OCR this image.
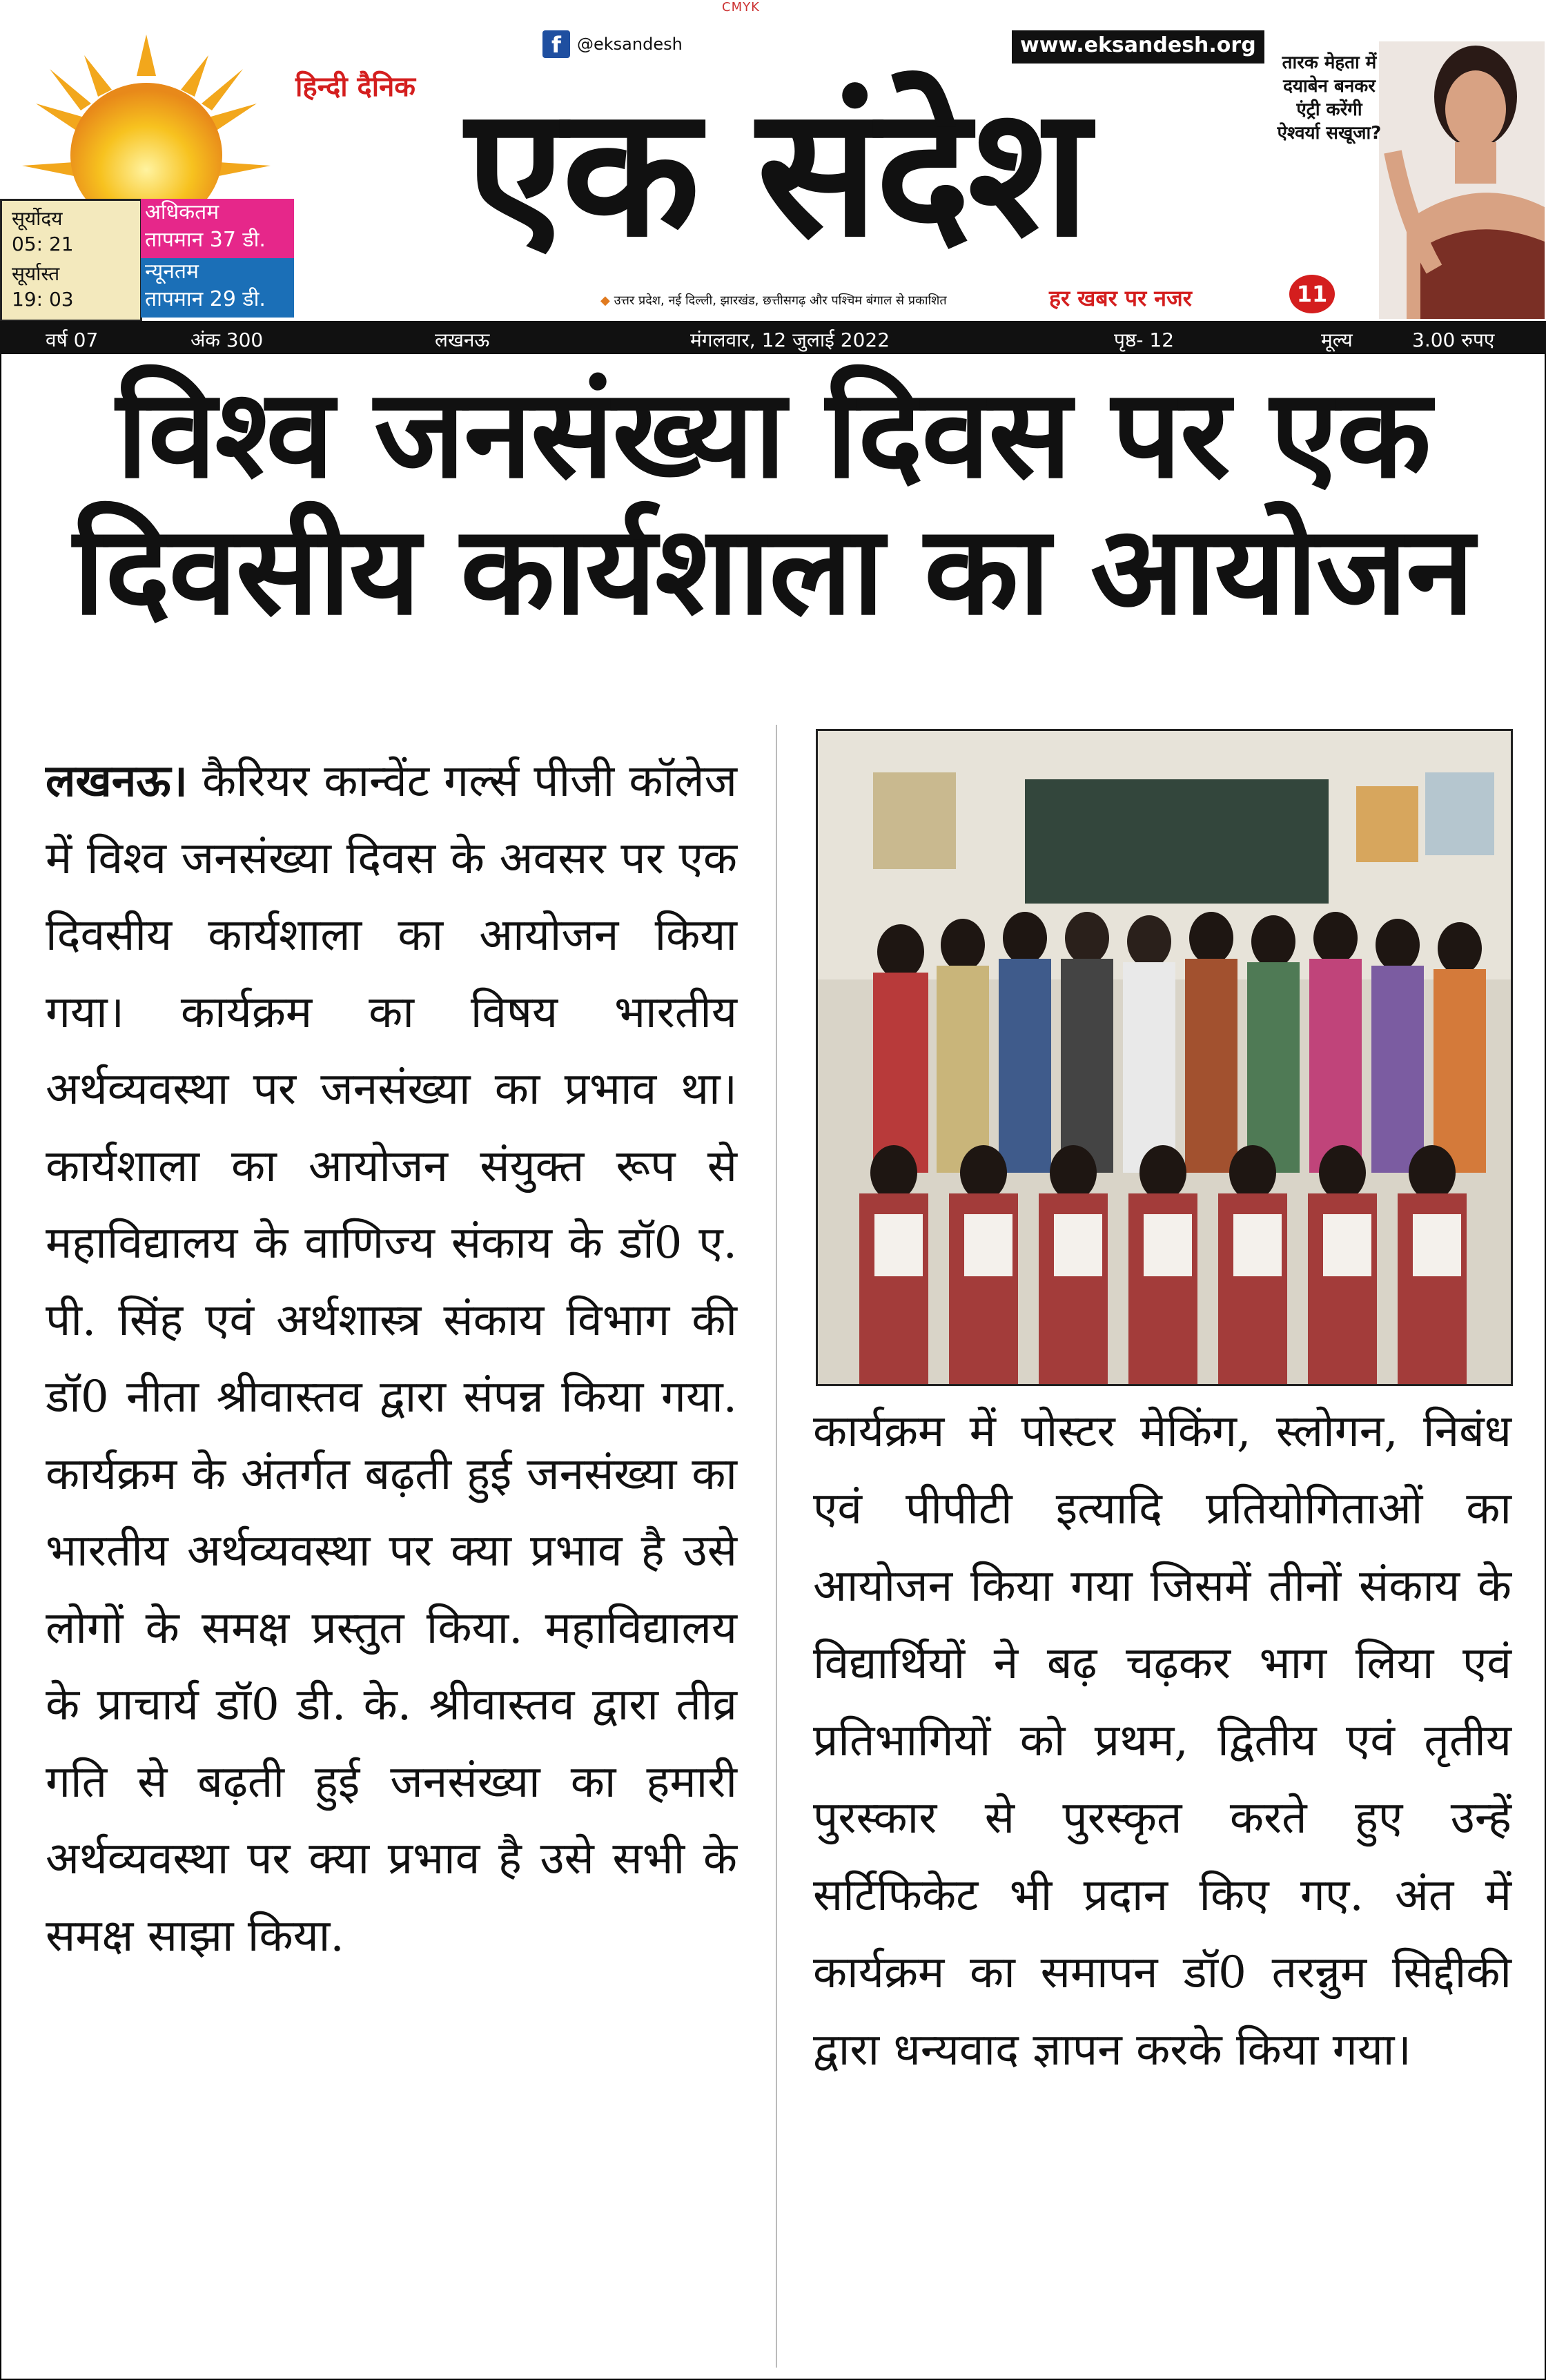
CMYK
सूर्योदय
05: 21
सूर्यास्त
19: 03
अधिकतम
तापमान 37 डी.
न्यूनतम
तापमान 29 डी.
f @eksandesh
हिन्दी दैनिक एक संदेश
www.eksandesh.org
◆ उत्तर प्रदेश, नई दिल्ली, झारखंड, छत्तीसगढ़ और पश्चिम बंगाल से प्रकाशित	हर खबर पर नजर
तारक मेहता में दयाबेन बनकर एंट्री करेंगी ऐश्वर्या सखूजा?
11
वर्ष 07	अंक 300	लखनऊ	मंगलवार, 12 जुलाई 2022	पृष्ठ- 12	मूल्य	3.00 रुपए
विश्व जनसंख्या दिवस पर एक
दिवसीय कार्यशाला का आयोजन
लखनऊ। कैरियर कान्वेंट गर्ल्स पीजी कॉलेज में विश्व जनसंख्या दिवस के अवसर पर एक दिवसीय कार्यशाला का आयोजन किया गया। कार्यक्रम का विषय भारतीय अर्थव्यवस्था पर जनसंख्या का प्रभाव था। कार्यशाला का आयोजन संयुक्त रूप से महाविद्यालय के वाणिज्य संकाय के डॉ0 ए. पी. सिंह एवं अर्थशास्त्र संकाय विभाग की डॉ0 नीता श्रीवास्तव द्वारा संपन्न किया गया. कार्यक्रम के अंतर्गत बढ़ती हुई जनसंख्या का भारतीय अर्थव्यवस्था पर क्या प्रभाव है उसे लोगों के समक्ष प्रस्तुत किया. महाविद्यालय के प्राचार्य डॉ0 डी. के. श्रीवास्तव द्वारा तीव्र गति से बढ़ती हुई जनसंख्या का हमारी अर्थव्यवस्था पर क्या प्रभाव है उसे सभी के समक्ष साझा किया.
कार्यक्रम में पोस्टर मेकिंग, स्लोगन, निबंध एवं पीपीटी इत्यादि प्रतियोगिताओं का आयोजन किया गया जिसमें तीनों संकाय के विद्यार्थियों ने बढ़ चढ़कर भाग लिया एवं प्रतिभागियों को प्रथम, द्वितीय एवं तृतीय पुरस्कार से पुरस्कृत करते हुए उन्हें सर्टिफिकेट भी प्रदान किए गए. अंत में कार्यक्रम का समापन डॉ0 तरन्नुम सिद्दीकी द्वारा धन्यवाद ज्ञापन करके किया गया।
